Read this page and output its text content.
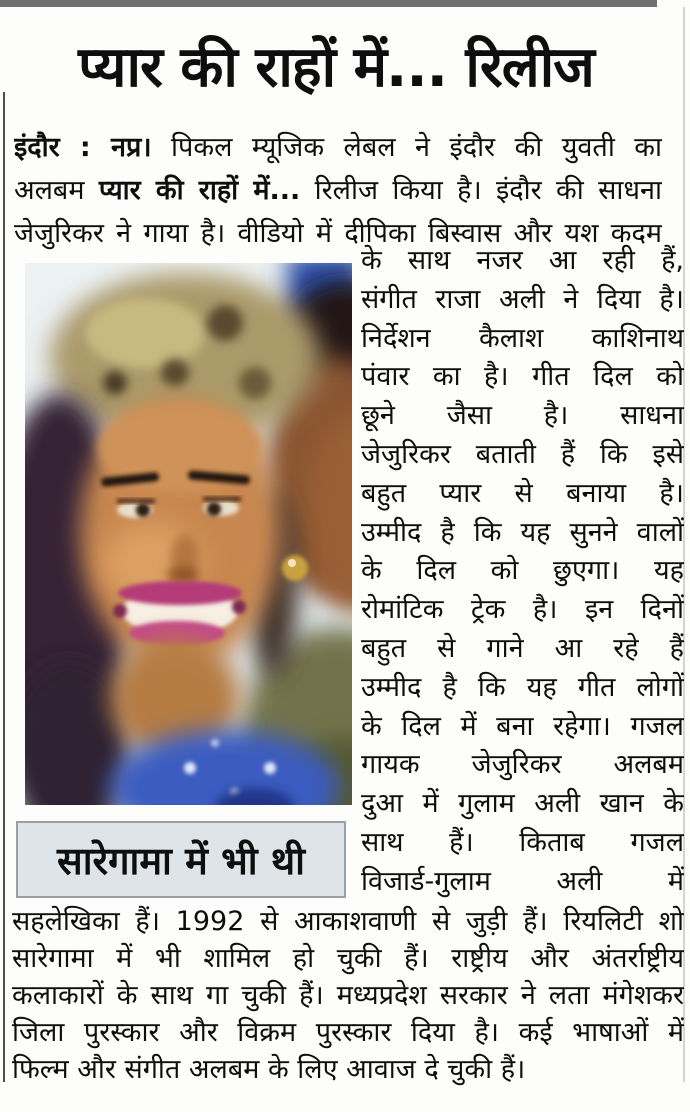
प्यार की राहों में... रिलीज
इंदौर : नप्र। पिकल म्यूजिक लेबल ने इंदौर की युवती का
अलबम प्यार की राहों में... रिलीज किया है। इंदौर की साधना
जेजुरिकर ने गाया है। वीडियो में दीपिका बिस्वास और यश कदम
के साथ नजर आ रही हैं,
संगीत राजा अली ने दिया है।
निर्देशन कैलाश काशिनाथ
पंवार का है। गीत दिल को
छूने जैसा है। साधना
जेजुरिकर बताती हैं कि इसे
बहुत प्यार से बनाया है।
उम्मीद है कि यह सुनने वालों
के दिल को छुएगा। यह
रोमांटिक ट्रेक है। इन दिनों
बहुत से गाने आ रहे हैं
उम्मीद है कि यह गीत लोगों
के दिल में बना रहेगा। गजल
गायक जेजुरिकर अलबम
दुआ में गुलाम अली खान के
साथ हैं। किताब गजल
विजार्ड-गुलाम अली में
सारेगामा में भी थी
सहलेखिका हैं। 1992 से आकाशवाणी से जुड़ी हैं। रियलिटी शो
सारेगामा में भी शामिल हो चुकी हैं। राष्ट्रीय और अंतर्राष्ट्रीय
कलाकारों के साथ गा चुकी हैं। मध्यप्रदेश सरकार ने लता मंगेशकर
जिला पुरस्कार और विक्रम पुरस्कार दिया है। कई भाषाओं में
फिल्म और संगीत अलबम के लिए आवाज दे चुकी हैं।
